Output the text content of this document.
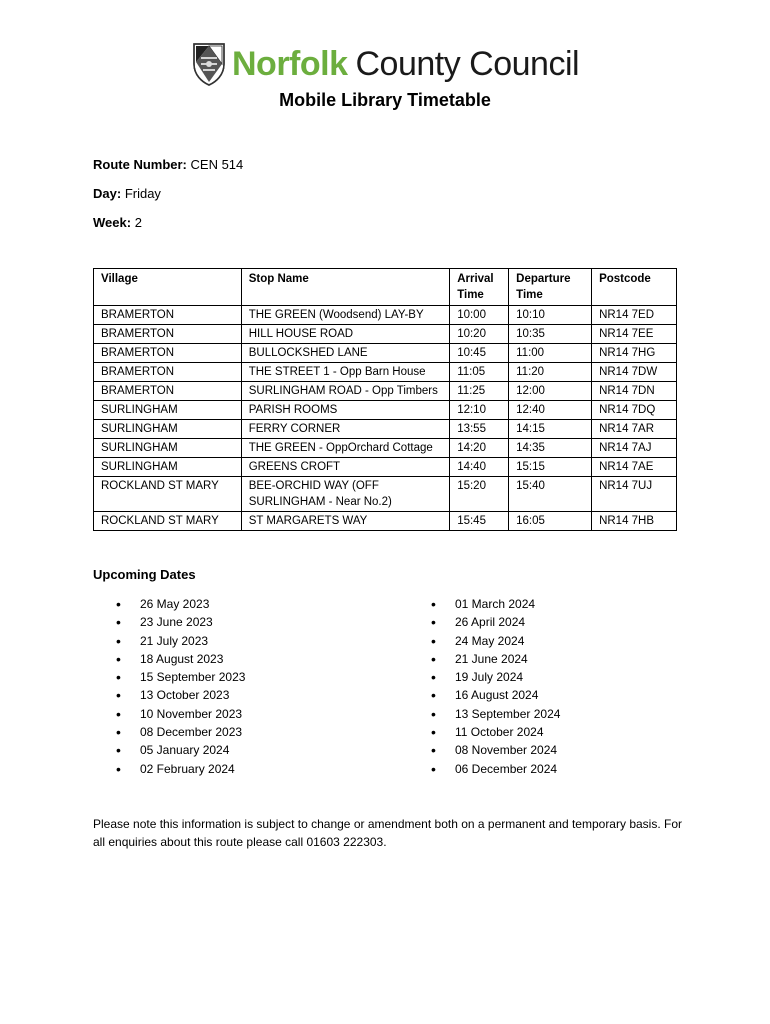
Norfolk County Council
Mobile Library Timetable
Route Number: CEN 514
Day: Friday
Week: 2
Village	Stop Name	Arrival Time	Departure Time	Postcode
BRAMERTON	THE GREEN (Woodsend) LAY-BY	10:00	10:10	NR14 7ED
BRAMERTON	HILL HOUSE ROAD	10:20	10:35	NR14 7EE
BRAMERTON	BULLOCKSHED LANE	10:45	11:00	NR14 7HG
BRAMERTON	THE STREET 1 - Opp Barn House	11:05	11:20	NR14 7DW
BRAMERTON	SURLINGHAM ROAD - Opp Timbers	11:25	12:00	NR14 7DN
SURLINGHAM	PARISH ROOMS	12:10	12:40	NR14 7DQ
SURLINGHAM	FERRY CORNER	13:55	14:15	NR14 7AR
SURLINGHAM	THE GREEN - OppOrchard Cottage	14:20	14:35	NR14 7AJ
SURLINGHAM	GREENS CROFT	14:40	15:15	NR14 7AE
ROCKLAND ST MARY	BEE-ORCHID WAY (OFF SURLINGHAM - Near No.2)	15:20	15:40	NR14 7UJ
ROCKLAND ST MARY	ST MARGARETS WAY	15:45	16:05	NR14 7HB
Upcoming Dates
• 26 May 2023
• 23 June 2023
• 21 July 2023
• 18 August 2023
• 15 September 2023
• 13 October 2023
• 10 November 2023
• 08 December 2023
• 05 January 2024
• 02 February 2024
• 01 March 2024
• 26 April 2024
• 24 May 2024
• 21 June 2024
• 19 July 2024
• 16 August 2024
• 13 September 2024
• 11 October 2024
• 08 November 2024
• 06 December 2024
Please note this information is subject to change or amendment both on a permanent and temporary basis. For all enquiries about this route please call 01603 222303.
